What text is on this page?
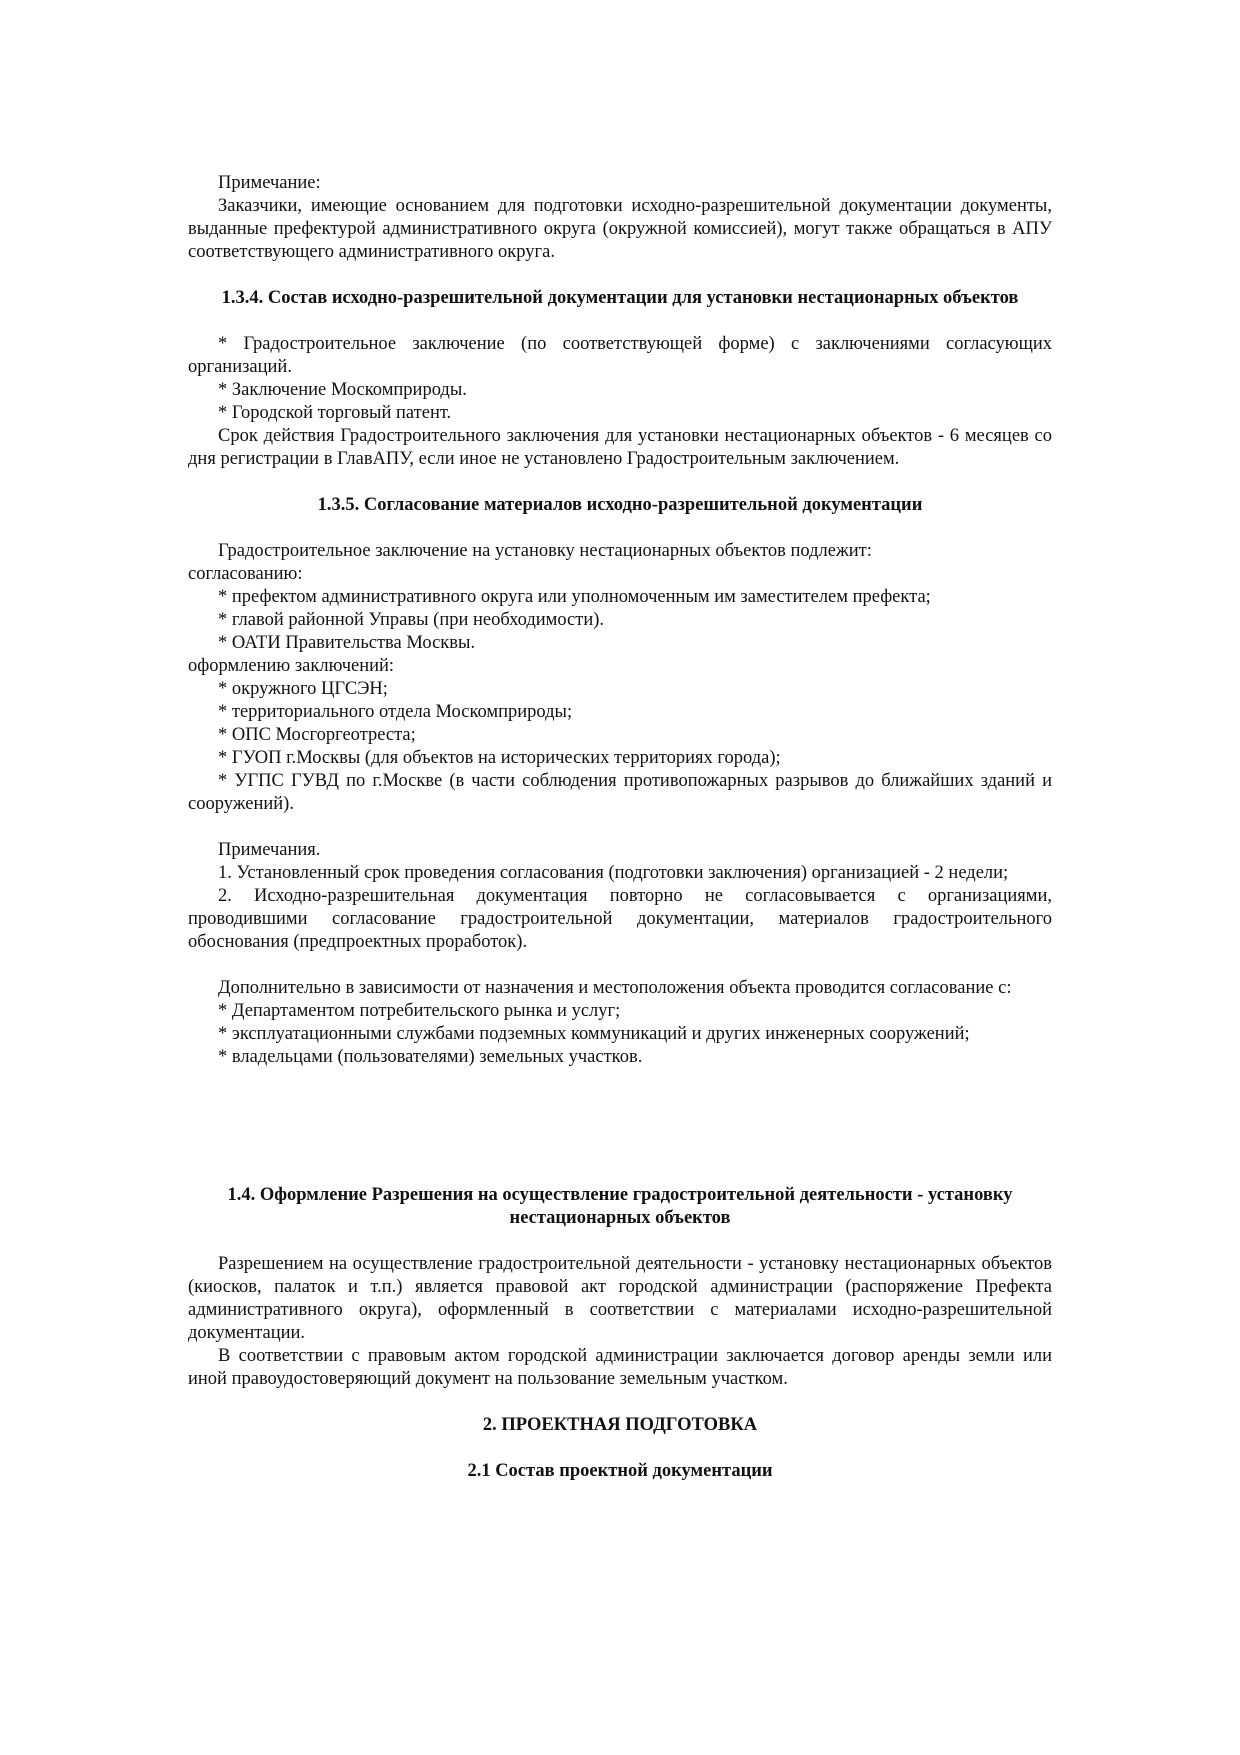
Примечание:

Заказчики, имеющие основанием для подготовки исходно-разрешительной документации документы, выданные префектурой административного округа (окружной комиссией), могут также обращаться в АПУ соответствующего административного округа.

1.3.4. Состав исходно-разрешительной документации для установки нестационарных объектов

* Градостроительное заключение (по соответствующей форме) с заключениями согласующих организаций.

* Заключение Москомприроды.

* Городской торговый патент.

Срок действия Градостроительного заключения для установки нестационарных объектов - 6 месяцев со дня регистрации в ГлавАПУ, если иное не установлено Градостроительным заключением.

1.3.5. Согласование материалов исходно-разрешительной документации

Градостроительное заключение на установку нестационарных объектов подлежит:

согласованию:

* префектом административного округа или уполномоченным им заместителем префекта;

* главой районной Управы (при необходимости).

* ОАТИ Правительства Москвы.

оформлению заключений:

* окружного ЦГСЭН;

* территориального отдела Москомприроды;

* ОПС Мосгоргеотреста;

* ГУОП г.Москвы (для объектов на исторических территориях города);

* УГПС ГУВД по г.Москве (в части соблюдения противопожарных разрывов до ближайших зданий и сооружений).

Примечания.

1. Установленный срок проведения согласования (подготовки заключения) организацией - 2 недели;

2. Исходно-разрешительная документация повторно не согласовывается с организациями, проводившими согласование градостроительной документации, материалов градостроительного обоснования (предпроектных проработок).

Дополнительно в зависимости от назначения и местоположения объекта проводится согласование с:

* Департаментом потребительского рынка и услуг;

* эксплуатационными службами подземных коммуникаций и других инженерных сооружений;

* владельцами (пользователями) земельных участков.

1.4. Оформление Разрешения на осуществление градостроительной деятельности - установку нестационарных объектов

Разрешением на осуществление градостроительной деятельности - установку нестационарных объектов (киосков, палаток и т.п.) является правовой акт городской администрации (распоряжение Префекта административного округа), оформленный в соответствии с материалами исходно-разрешительной документации.

В соответствии с правовым актом городской администрации заключается договор аренды земли или иной правоудостоверяющий документ на пользование земельным участком.

2. ПРОЕКТНАЯ ПОДГОТОВКА

2.1 Состав проектной документации
